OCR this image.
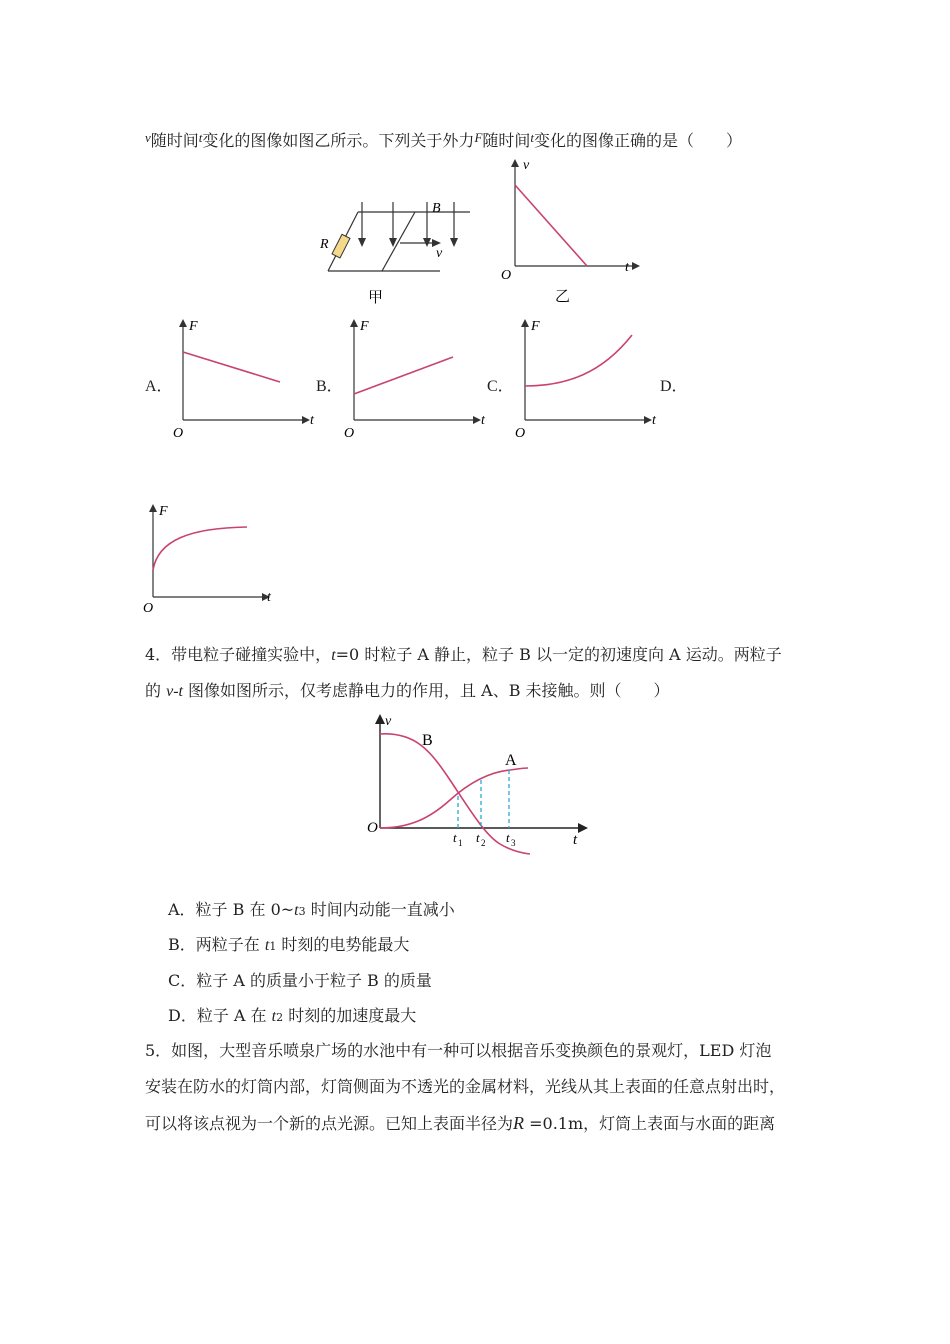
$^v$随时间$^t$变化的图像如图乙所示。下列关于外力$^F$随时间$^t$变化的图像正确的是（　　）
R
B
v
甲
v
t
O
乙
A．	B．	C．	D．
F
t
O
F
t
O
F
t
O
F
t
O
4．带电粒子碰撞实验中，t=0 时粒子 A 静止，粒子 B 以一定的初速度向 A 运动。两粒子
的 v-t 图像如图所示，仅考虑静电力的作用，且 A、B 未接触。则（　　）
v
t
O
B
A
t 1 t 2 t 3
A．粒子 B 在 0~t3 时间内动能一直减小
B．两粒子在 t1 时刻的电势能最大
C．粒子 A 的质量小于粒子 B 的质量
D．粒子 A 在 t2 时刻的加速度最大
5．如图，大型音乐喷泉广场的水池中有一种可以根据音乐变换颜色的景观灯，LED 灯泡
安装在防水的灯筒内部，灯筒侧面为不透光的金属材料，光线从其上表面的任意点射出时，
可以将该点视为一个新的点光源。已知上表面半径为R =0.1m，灯筒上表面与水面的距离
